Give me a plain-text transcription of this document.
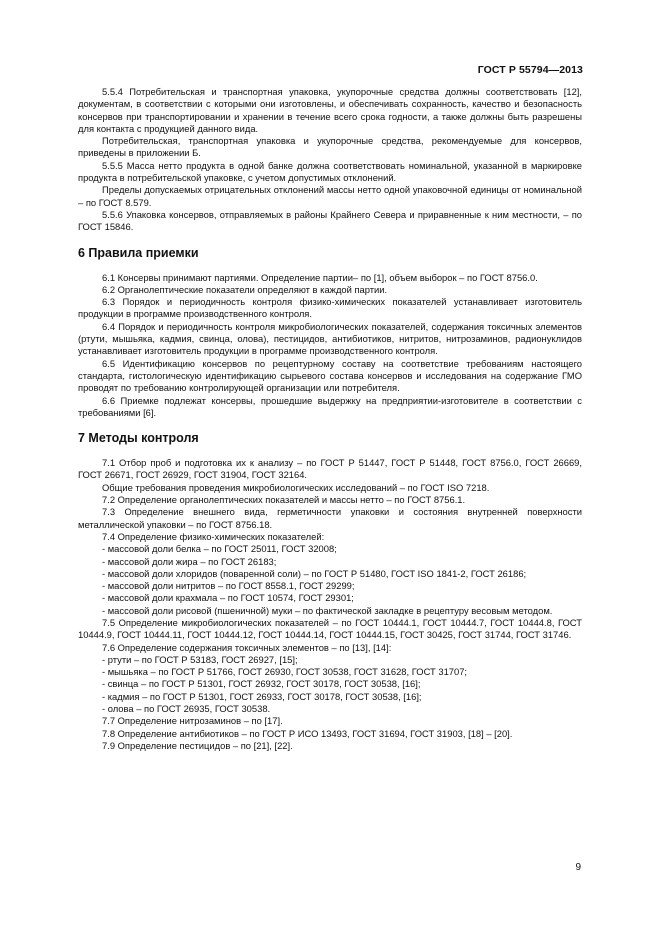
ГОСТ Р 55794—2013

5.5.4 Потребительская и транспортная упаковка, укупорочные средства должны соответствовать [12], документам, в соответствии с которыми они изготовлены, и обеспечивать сохранность, качество и безопасность консервов при транспортировании и хранении в течение всего срока годности, а также должны быть разрешены для контакта с продукцией данного вида.

Потребительская, транспортная упаковка и укупорочные средства, рекомендуемые для консервов, приведены в приложении Б.

5.5.5 Масса нетто продукта в одной банке должна соответствовать номинальной, указанной в маркировке продукта в потребительской упаковке, с учетом допустимых отклонений.

Пределы допускаемых отрицательных отклонений массы нетто одной упаковочной единицы от номинальной – по ГОСТ 8.579.

5.5.6 Упаковка консервов, отправляемых в районы Крайнего Севера и приравненные к ним местности, – по ГОСТ 15846.

6 Правила приемки

6.1 Консервы принимают партиями. Определение партии– по [1], объем выборок – по ГОСТ 8756.0.

6.2 Органолептические показатели определяют в каждой партии.

6.3 Порядок и периодичность контроля физико-химических показателей устанавливает изготовитель продукции в программе производственного контроля.

6.4 Порядок и периодичность контроля микробиологических показателей, содержания токсичных элементов (ртути, мышьяка, кадмия, свинца, олова), пестицидов, антибиотиков, нитритов, нитрозаминов, радионуклидов устанавливает изготовитель продукции в программе производственного контроля.

6.5 Идентификацию консервов по рецептурному составу на соответствие требованиям настоящего стандарта, гистологическую идентификацию сырьевого состава консервов и исследования на содержание ГМО проводят по требованию контролирующей организации или потребителя.

6.6 Приемке подлежат консервы, прошедшие выдержку на предприятии-изготовителе в соответствии с требованиями [6].

7 Методы контроля

7.1 Отбор проб и подготовка их к анализу – по ГОСТ Р 51447, ГОСТ Р 51448, ГОСТ 8756.0, ГОСТ 26669, ГОСТ 26671, ГОСТ 26929, ГОСТ 31904, ГОСТ 32164.

Общие требования проведения микробиологических исследований – по ГОСТ ISO 7218.

7.2 Определение органолептических показателей и массы нетто – по ГОСТ 8756.1.

7.3 Определение внешнего вида, герметичности упаковки и состояния внутренней поверхности металлической упаковки – по ГОСТ 8756.18.

7.4 Определение физико-химических показателей:

- массовой доли белка – по ГОСТ 25011, ГОСТ 32008;

- массовой доли жира – по ГОСТ 26183;

- массовой доли хлоридов (поваренной соли) – по ГОСТ Р 51480, ГОСТ ISO 1841-2, ГОСТ 26186;

- массовой доли нитритов – по ГОСТ 8558.1, ГОСТ 29299;

- массовой доли крахмала – по ГОСТ 10574, ГОСТ 29301;

- массовой доли рисовой (пшеничной) муки – по фактической закладке в рецептуру весовым методом.

7.5 Определение микробиологических показателей – по ГОСТ 10444.1, ГОСТ 10444.7, ГОСТ 10444.8, ГОСТ 10444.9, ГОСТ 10444.11, ГОСТ 10444.12, ГОСТ 10444.14, ГОСТ 10444.15, ГОСТ 30425, ГОСТ 31744, ГОСТ 31746.

7.6 Определение содержания токсичных элементов – по [13], [14]:

- ртути – по ГОСТ Р 53183, ГОСТ 26927, [15];

- мышьяка – по ГОСТ Р 51766, ГОСТ 26930, ГОСТ 30538, ГОСТ 31628, ГОСТ 31707;

- свинца – по ГОСТ Р 51301, ГОСТ 26932, ГОСТ 30178, ГОСТ 30538, [16];

- кадмия – по ГОСТ Р 51301, ГОСТ 26933, ГОСТ 30178, ГОСТ 30538, [16];

- олова – по ГОСТ 26935, ГОСТ 30538.

7.7 Определение нитрозаминов – по [17].

7.8 Определение антибиотиков – по ГОСТ Р ИСО 13493, ГОСТ 31694, ГОСТ 31903, [18] – [20].

7.9 Определение пестицидов – по [21], [22].

9
